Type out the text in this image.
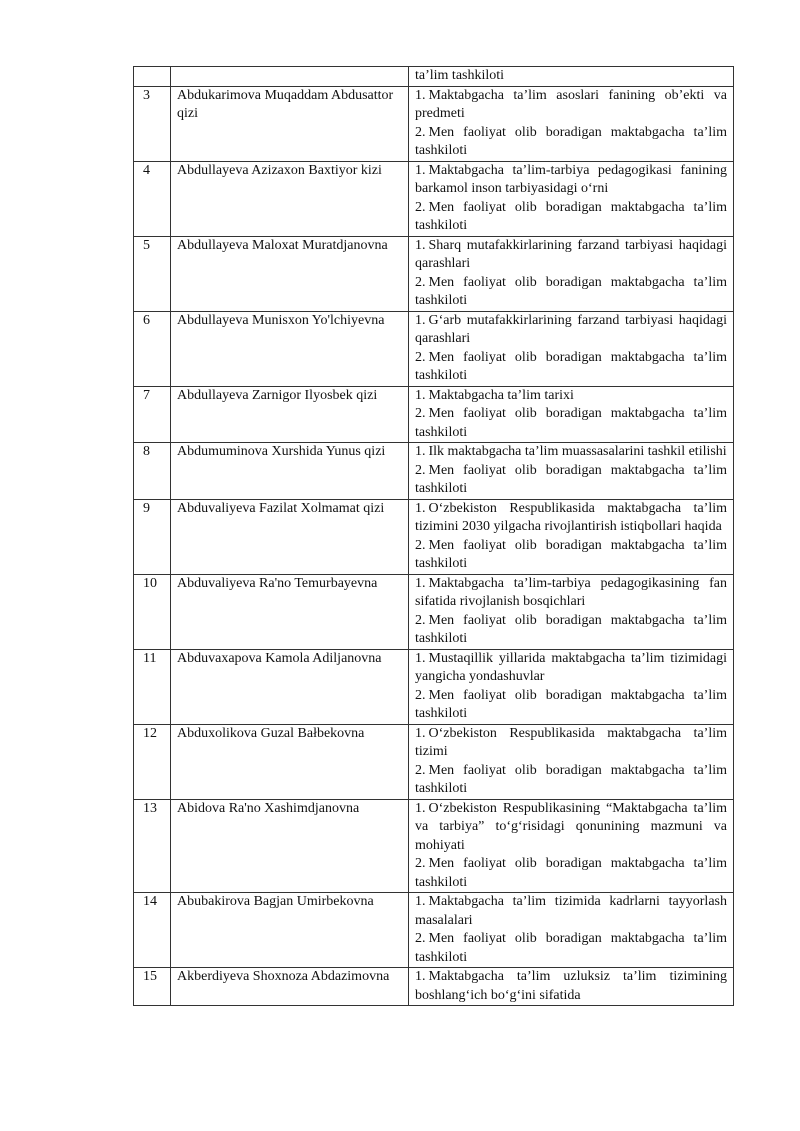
		ta’lim tashkiloti

3	Abdukarimova Muqaddam Abdusattor qizi	1. Maktabgacha ta’lim asoslari fanining ob’ekti va predmeti
2. Men faoliyat olib boradigan maktabgacha ta’lim tashkiloti

4	Abdullayeva Azizaxon Baxtiyor kizi	1. Maktabgacha ta’lim-tarbiya pedagogikasi fanining barkamol inson tarbiyasidagi o‘rni
2. Men faoliyat olib boradigan maktabgacha ta’lim tashkiloti

5	Abdullayeva Maloxat Muratdjanovna	1. Sharq mutafakkirlarining farzand tarbiyasi haqidagi qarashlari
2. Men faoliyat olib boradigan maktabgacha ta’lim tashkiloti

6	Abdullayeva Munisxon Yo'lchiyevna	1. G‘arb mutafakkirlarining farzand tarbiyasi haqidagi qarashlari
2. Men faoliyat olib boradigan maktabgacha ta’lim tashkiloti

7	Abdullayeva Zarnigor Ilyosbek qizi	1. Maktabgacha ta’lim tarixi
2. Men faoliyat olib boradigan maktabgacha ta’lim tashkiloti

8	Abdumuminova Xurshida Yunus qizi	1. Ilk maktabgacha ta’lim muassasalarini tashkil etilishi
2. Men faoliyat olib boradigan maktabgacha ta’lim tashkiloti

9	Abduvaliyeva Fazilat Xolmamat qizi	1. O‘zbekiston Respublikasida maktabgacha ta’lim tizimini 2030 yilgacha rivojlantirish istiqbollari haqida
2. Men faoliyat olib boradigan maktabgacha ta’lim tashkiloti

10	Abduvaliyeva Ra'no Temurbayevna	1. Maktabgacha ta’lim-tarbiya pedagogikasining fan sifatida rivojlanish bosqichlari
2. Men faoliyat olib boradigan maktabgacha ta’lim tashkiloti

11	Abduvaxapova Kamola Adiljanovna	1. Mustaqillik yillarida maktabgacha ta’lim tizimidagi yangicha yondashuvlar
2. Men faoliyat olib boradigan maktabgacha ta’lim tashkiloti

12	Abduxolikova Guzal Bałbekovna	1. O‘zbekiston Respublikasida maktabgacha ta’lim tizimi
2. Men faoliyat olib boradigan maktabgacha ta’lim tashkiloti

13	Abidova Ra'no Xashimdjanovna	1. O‘zbekiston Respublikasining “Maktabgacha ta’lim va tarbiya” to‘g‘risidagi qonunining mazmuni va mohiyati
2. Men faoliyat olib boradigan maktabgacha ta’lim tashkiloti

14	Abubakirova Bagjan Umirbekovna	1. Maktabgacha ta’lim tizimida kadrlarni tayyorlash masalalari
2. Men faoliyat olib boradigan maktabgacha ta’lim tashkiloti

15	Akberdiyeva Shoxnoza Abdazimovna	1. Maktabgacha ta’lim uzluksiz ta’lim tizimining boshlang‘ich bo‘g‘ini sifatida
